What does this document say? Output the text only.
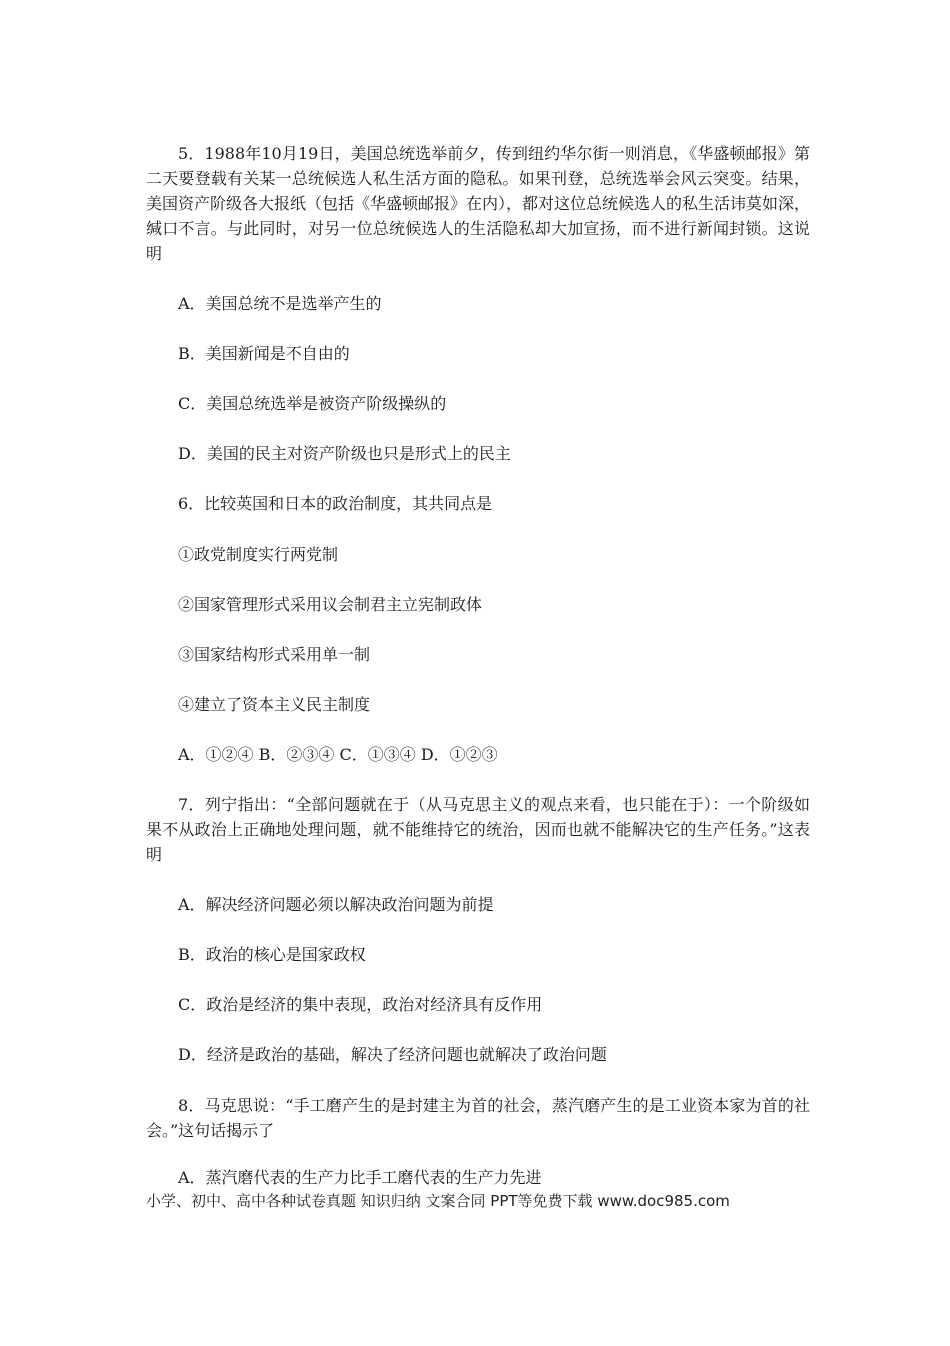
5．1988年10月19日，美国总统选举前夕，传到纽约华尔街一则消息，《华盛顿邮报》第二天要登载有关某一总统候选人私生活方面的隐私。如果刊登，总统选举会风云突变。结果，美国资产阶级各大报纸（包括《华盛顿邮报》在内），都对这位总统候选人的私生活讳莫如深，缄口不言。与此同时，对另一位总统候选人的生活隐私却大加宣扬，而不进行新闻封锁。这说明

A．美国总统不是选举产生的

B．美国新闻是不自由的

C．美国总统选举是被资产阶级操纵的

D．美国的民主对资产阶级也只是形式上的民主

6．比较英国和日本的政治制度，其共同点是

①政党制度实行两党制

②国家管理形式采用议会制君主立宪制政体

③国家结构形式采用单一制

④建立了资本主义民主制度

A．①②④ B．②③④ C．①③④ D．①②③

7．列宁指出：“全部问题就在于（从马克思主义的观点来看，也只能在于）：一个阶级如果不从政治上正确地处理问题，就不能维持它的统治，因而也就不能解决它的生产任务。”这表明

A．解决经济问题必须以解决政治问题为前提

B．政治的核心是国家政权

C．政治是经济的集中表现，政治对经济具有反作用

D．经济是政治的基础，解决了经济问题也就解决了政治问题

8．马克思说：“手工磨产生的是封建主为首的社会，蒸汽磨产生的是工业资本家为首的社会。”这句话揭示了

A．蒸汽磨代表的生产力比手工磨代表的生产力先进

小学、初中、高中各种试卷真题 知识归纳 文案合同 PPT等免费下载 www.doc985.com
